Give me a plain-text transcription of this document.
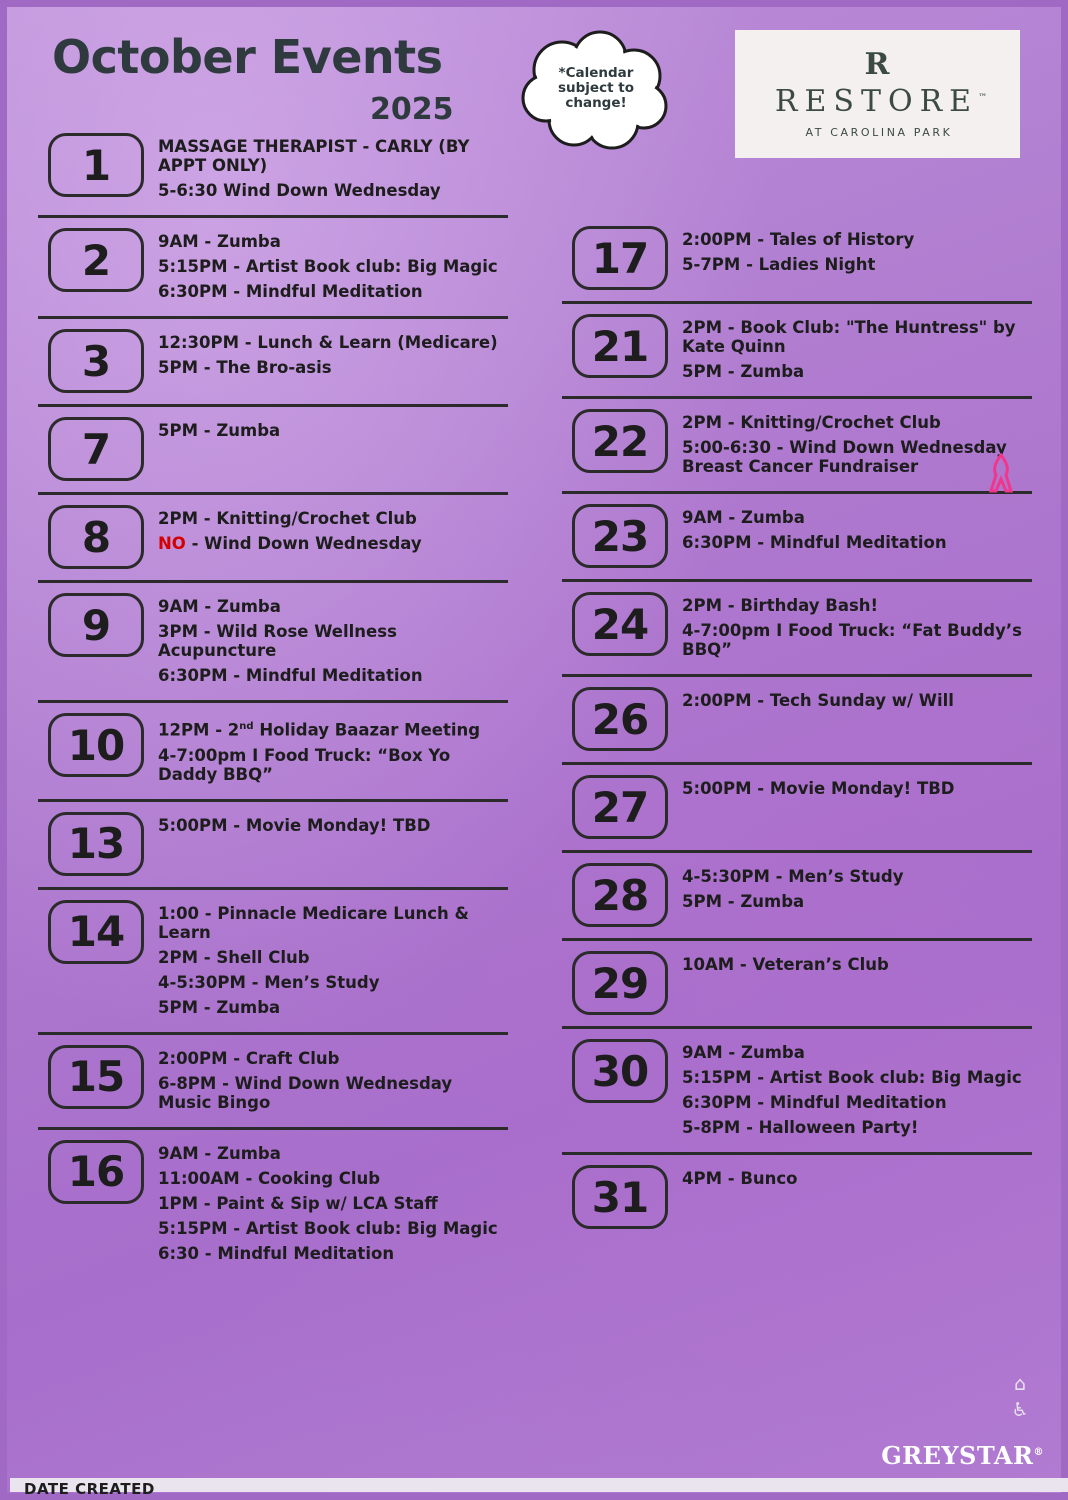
October Events
2025
*Calendar
subject to
change!
R
RESTORE™
AT CAROLINA PARK
1	MASSAGE THERAPIST - CARLY (BY APPT ONLY)
5-6:30 Wind Down Wednesday
2	9AM - Zumba
5:15PM - Artist Book club: Big Magic
6:30PM - Mindful Meditation
3	12:30PM - Lunch & Learn (Medicare)
5PM - The Bro-asis
7	5PM - Zumba
8	2PM - Knitting/Crochet Club
NO - Wind Down Wednesday
9	9AM - Zumba
3PM - Wild Rose Wellness Acupuncture
6:30PM - Mindful Meditation
10	12PM - 2nd Holiday Baazar Meeting
4-7:00pm I Food Truck: “Box Yo Daddy BBQ”
13	5:00PM - Movie Monday! TBD
14	1:00 - Pinnacle Medicare Lunch & Learn
2PM - Shell Club
4-5:30PM - Men’s Study
5PM - Zumba
15	2:00PM - Craft Club
6-8PM - Wind Down Wednesday Music Bingo
16	9AM - Zumba
11:00AM - Cooking Club
1PM - Paint & Sip w/ LCA Staff
5:15PM - Artist Book club: Big Magic
6:30 - Mindful Meditation
17	2:00PM - Tales of History
5-7PM - Ladies Night
21	2PM - Book Club: "The Huntress" by Kate Quinn
5PM - Zumba
22	2PM - Knitting/Crochet Club
5:00-6:30 - Wind Down Wednesday Breast Cancer Fundraiser
23	9AM - Zumba
6:30PM - Mindful Meditation
24	2PM - Birthday Bash!
4-7:00pm I Food Truck: “Fat Buddy’s BBQ”
26	2:00PM - Tech Sunday w/ Will
27	5:00PM - Movie Monday! TBD
28	4-5:30PM - Men’s Study
5PM - Zumba
29	10AM - Veteran’s Club
30	9AM - Zumba
5:15PM - Artist Book club: Big Magic
6:30PM - Mindful Meditation
5-8PM - Halloween Party!
31	4PM - Bunco
⌂
♿
GREYSTAR®
DATE CREATED
